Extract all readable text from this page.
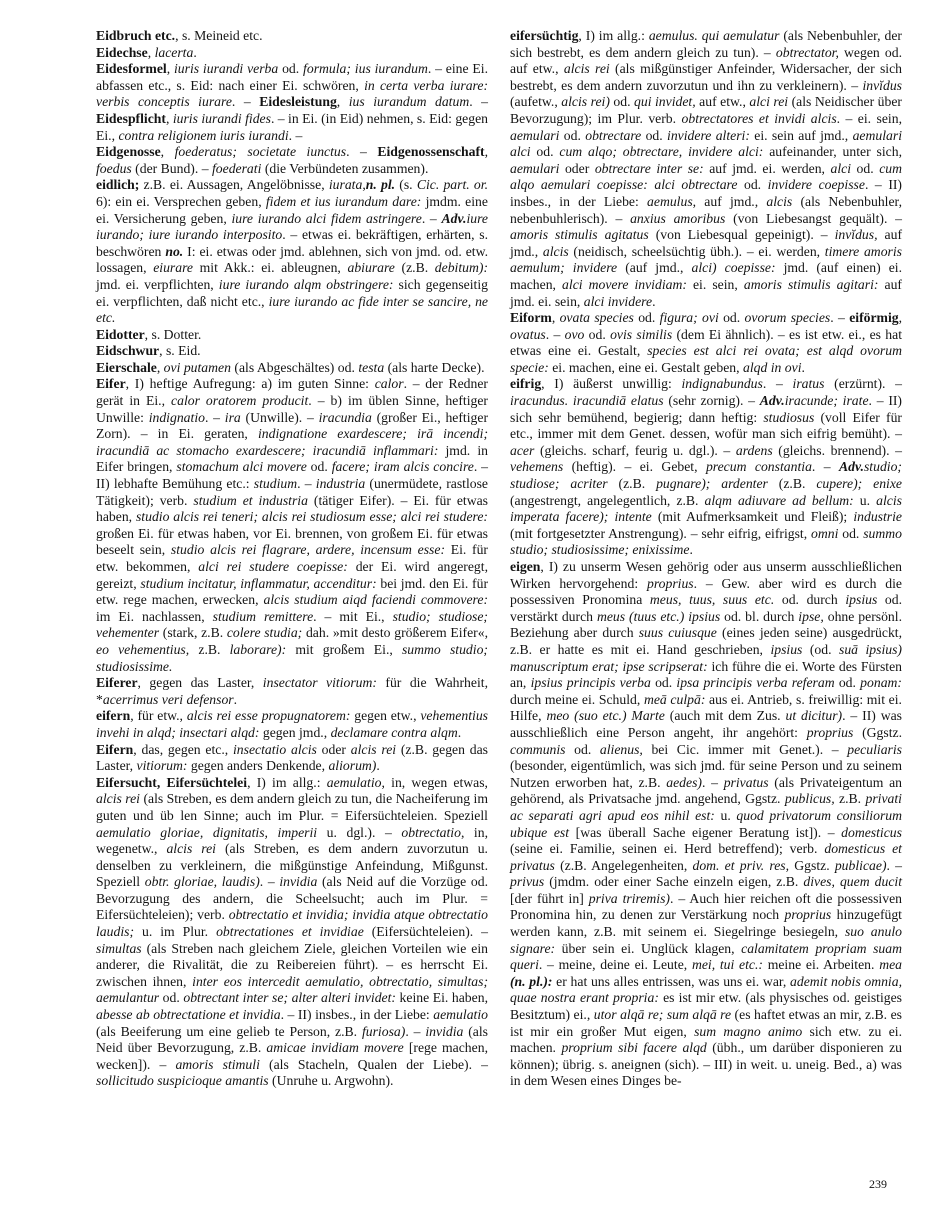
Eidbruch etc., s. Meineid etc.

Eidechse, lacerta.

Eidesformel, iuris iurandi verba od. formula; ius iurandum. – eine Ei. abfassen etc., s. Eid: nach einer Ei. schwören, in certa verba iurare: verbis conceptis iurare. – Eidesleistung, ius iurandum datum. – Eidespflicht, iuris iurandi fides. – in Ei. (in Eid) nehmen, s. Eid: gegen Ei., contra religionem iuris iurandi. –

Eidgenosse, foederatus; societate iunctus. – Eidgenossenschaft, foedus (der Bund). – foederati (die Verbündeten zusammen).

eidlich; z.B. ei. Aussagen, Angelöbnisse, iurata,n. pl. (s. Cic. part. or. 6): ein ei. Versprechen geben, fidem et ius iurandum dare: jmdm. eine ei. Versicherung geben, iure iurando alci fidem astringere. – Adv.iure iurando; iure iurando interposito. – etwas ei. bekräftigen, erhärten, s. beschwören no. I: ei. etwas oder jmd. ablehnen, sich von jmd. od. etw. lossagen, eiurare mit Akk.: ei. ableugnen, abiurare (z.B. debitum): jmd. ei. verpflichten, iure iurando alqm obstringere: sich gegenseitig ei. verpflichten, daß nicht etc., iure iurando ac fide inter se sancire, ne etc.

Eidotter, s. Dotter.

Eidschwur, s. Eid.

Eierschale, ovi putamen (als Abgeschältes) od. testa (als harte Decke).

Eifer, I) heftige Aufregung: a) im guten Sinne: calor. – der Redner gerät in Ei., calor oratorem producit. – b) im üblen Sinne, heftiger Unwille: indignatio. – ira (Unwille). – iracundia (großer Ei., heftiger Zorn). – in Ei. geraten, indignatione exardescere; irā incendi; iracundiā ac stomacho exardescere; iracundiā inflammari: jmd. in Eifer bringen, stomachum alci movere od. facere; iram alcis concire. – II) lebhafte Bemühung etc.: studium. – industria (unermüdete, rastlose Tätigkeit); verb. studium et industria (tätiger Eifer). – Ei. für etwas haben, studio alcis rei teneri; alcis rei studiosum esse; alci rei studere: großen Ei. für etwas haben, vor Ei. brennen, von großem Ei. für etwas beseelt sein, studio alcis rei flagrare, ardere, incensum esse: Ei. für etw. bekommen, alci rei studere coepisse: der Ei. wird angeregt, gereizt, studium incitatur, inflammatur, accenditur: bei jmd. den Ei. für etw. rege machen, erwecken, alcis studium aiqd faciendi commovere: im Ei. nachlassen, studium remittere. – mit Ei., studio; studiose; vehementer (stark, z.B. colere studia; dah. »mit desto größerem Eifer«, eo vehementius, z.B. laborare): mit großem Ei., summo studio; studiosissime.

Eiferer, gegen das Laster, insectator vitiorum: für die Wahrheit, *acerrimus veri defensor.

eifern, für etw., alcis rei esse propugnatorem: gegen etw., vehementius invehi in alqd; insectari alqd: gegen jmd., declamare contra alqm.

Eifern, das, gegen etc., insectatio alcis oder alcis rei (z.B. gegen das Laster, vitiorum: gegen anders Denkende, aliorum).

Eifersucht, Eifersüchtelei, I) im allg.: aemulatio, in, wegen etwas, alcis rei (als Streben, es dem andern gleich zu tun, die Nacheiferung im guten und üb len Sinne; auch im Plur. = Eifersüchteleien. Speziell aemulatio gloriae, dignitatis, imperii u. dgl.). – obtrectatio, in, wegenetw., alcis rei (als Streben, es dem andern zuvorzutun u. denselben zu verkleinern, die mißgünstige Anfeindung, Mißgunst. Speziell obtr. gloriae, laudis). – invidia (als Neid auf die Vorzüge od. Bevorzugung des andern, die Scheelsucht; auch im Plur. = Eifersüchteleien); verb. obtrectatio et invidia; invidia atque obtrectatio laudis; u. im Plur. obtrectationes et invidiae (Eifersüchteleien). – simultas (als Streben nach gleichem Ziele, gleichen Vorteilen wie ein anderer, die Rivalität, die zu Reibereien führt). – es herrscht Ei. zwischen ihnen, inter eos intercedit aemulatio, obtrectatio, simultas; aemulantur od. obtrectant inter se; alter alteri invidet: keine Ei. haben, abesse ab obtrectatione et invidia. – II) insbes., in der Liebe: aemulatio (als Beeiferung um eine gelieb te Person, z.B. furiosa). – invidia (als Neid über Bevorzugung, z.B. amicae invidiam movere [rege machen, wecken]). – amoris stimuli (als Stacheln, Qualen der Liebe). – sollicitudo suspicioque amantis (Unruhe u. Argwohn).

eifersüchtig, I) im allg.: aemulus. qui aemulatur (als Nebenbuhler, der sich bestrebt, es dem andern gleich zu tun). – obtrectator, wegen od. auf etw., alcis rei (als mißgünstiger Anfeinder, Widersacher, der sich bestrebt, es dem andern zuvorzutun und ihn zu verkleinern). – invĭdus (aufetw., alcis rei) od. qui invidet, auf etw., alci rei (als Neidischer über Bevorzugung); im Plur. verb. obtrectatores et invidi alcis. – ei. sein, aemulari od. obtrectare od. invidere alteri: ei. sein auf jmd., aemulari alci od. cum alqo; obtrectare, invidere alci: aufeinander, unter sich, aemulari oder obtrectare inter se: auf jmd. ei. werden, alci od. cum alqo aemulari coepisse: alci obtrectare od. invidere coepisse. – II) insbes., in der Liebe: aemulus, auf jmd., alcis (als Nebenbuhler, nebenbuhlerisch). – anxius amoribus (von Liebesangst gequält). – amoris stimulis agitatus (von Liebesqual gepeinigt). – invĭdus, auf jmd., alcis (neidisch, scheelsüchtig übh.). – ei. werden, timere amoris aemulum; invidere (auf jmd., alci) coepisse: jmd. (auf einen) ei. machen, alci movere invidiam: ei. sein, amoris stimulis agitari: auf jmd. ei. sein, alci invidere.

Eiform, ovata species od. figura; ovi od. ovorum species. – eiförmig, ovatus. – ovo od. ovis similis (dem Ei ähnlich). – es ist etw. ei., es hat etwas eine ei. Gestalt, species est alci rei ovata; est alqd ovorum specie: ei. machen, eine ei. Gestalt geben, alqd in ovi.

eifrig, I) äußerst unwillig: indignabundus. – iratus (erzürnt). – iracundus. iracundiā elatus (sehr zornig). – Adv.iracunde; irate. – II) sich sehr bemühend, begierig; dann heftig: studiosus (voll Eifer für etc., immer mit dem Genet. dessen, wofür man sich eifrig bemüht). – acer (gleichs. scharf, feurig u. dgl.). – ardens (gleichs. brennend). – vehemens (heftig). – ei. Gebet, precum constantia. – Adv.studio; studiose; acriter (z.B. pugnare); ardenter (z.B. cupere); enixe (angestrengt, angelegentlich, z.B. alqm adiuvare ad bellum: u. alcis imperata facere); intente (mit Aufmerksamkeit und Fleiß); industrie (mit fortgesetzter Anstrengung). – sehr eifrig, eifrigst, omni od. summo studio; studiosissime; enixissime.

eigen, I) zu unserm Wesen gehörig oder aus unserm ausschließlichen Wirken hervorgehend: proprius. – Gew. aber wird es durch die possessiven Pronomina meus, tuus, suus etc. od. durch ipsius od. verstärkt durch meus (tuus etc.) ipsius od. bl. durch ipse, ohne persönl. Beziehung aber durch suus cuiusque (eines jeden seine) ausgedrückt, z.B. er hatte es mit ei. Hand geschrieben, ipsius (od. suā ipsius) manuscriptum erat; ipse scripserat: ich führe die ei. Worte des Fürsten an, ipsius principis verba od. ipsa principis verba referam od. ponam: durch meine ei. Schuld, meā culpā: aus ei. Antrieb, s. freiwillig: mit ei. Hilfe, meo (suo etc.) Marte (auch mit dem Zus. ut dicitur). – II) was ausschließlich eine Person angeht, ihr angehört: proprius (Ggstz. communis od. alienus, bei Cic. immer mit Genet.). – peculiaris (besonder, eigentümlich, was sich jmd. für seine Person und zu seinem Nutzen erworben hat, z.B. aedes). – privatus (als Privateigentum an gehörend, als Privatsache jmd. angehend, Ggstz. publicus, z.B. privati ac separati agri apud eos nihil est: u. quod privatorum consiliorum ubique est [was überall Sache eigener Beratung ist]). – domesticus (seine ei. Familie, seinen ei. Herd betreffend); verb. domesticus et privatus (z.B. Angelegenheiten, dom. et priv. res, Ggstz. publicae). – privus (jmdm. oder einer Sache einzeln eigen, z.B. dives, quem ducit [der führt in] priva triremis). – Auch hier reichen oft die possessiven Pronomina hin, zu denen zur Verstärkung noch proprius hinzugefügt werden kann, z.B. mit seinem ei. Siegelringe besiegeln, suo anulo signare: über sein ei. Unglück klagen, calamitatem propriam suam queri. – meine, deine ei. Leute, mei, tui etc.: meine ei. Arbeiten. mea (n. pl.): er hat uns alles entrissen, was uns ei. war, ademit nobis omnia, quae nostra erant propria: es ist mir etw. (als physisches od. geistiges Besitztum) ei., utor alqā re; sum alqā re (es haftet etwas an mir, z.B. es ist mir ein großer Mut eigen, sum magno animo sich etw. zu ei. machen. proprium sibi facere alqd (übh., um darüber disponieren zu können); übrig. s. aneignen (sich). – III) in weit. u. uneig. Bed., a) was in dem Wesen eines Dinges be-

239
